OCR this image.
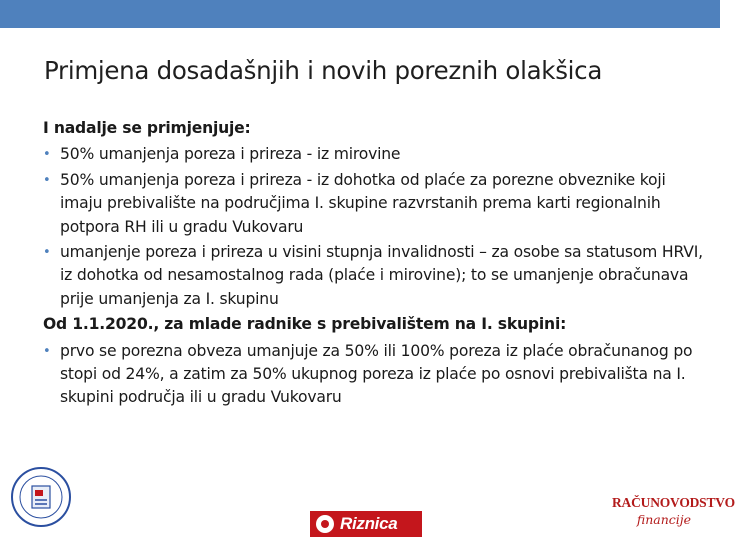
Primjena dosadašnjih i novih poreznih olakšica
I nadalje se primjenjuje:
• 50% umanjenja poreza i prireza - iz mirovine
• 50% umanjenja poreza i prireza - iz dohotka od plaće za porezne obveznike koji imaju prebivalište na područjima I. skupine razvrstanih prema karti regionalnih potpora RH ili u gradu Vukovaru
• umanjenje poreza i prireza u visini stupnja invalidnosti – za osobe sa statusom HRVI, iz dohotka od nesamostalnog rada (plaće i mirovine); to se umanjenje obračunava prije umanjenja za I. skupinu
Od 1.1.2020., za mlade radnike s prebivalištem na I. skupini:
• prvo se porezna obveza umanjuje za 50% ili 100% poreza iz plaće obračunanog po stopi od 24%, a zatim za 50% ukupnog poreza iz plaće po osnovi prebivališta na I. skupini područja ili u gradu Vukovaru
Riznica
RAČUNOVODSTVO
financije
